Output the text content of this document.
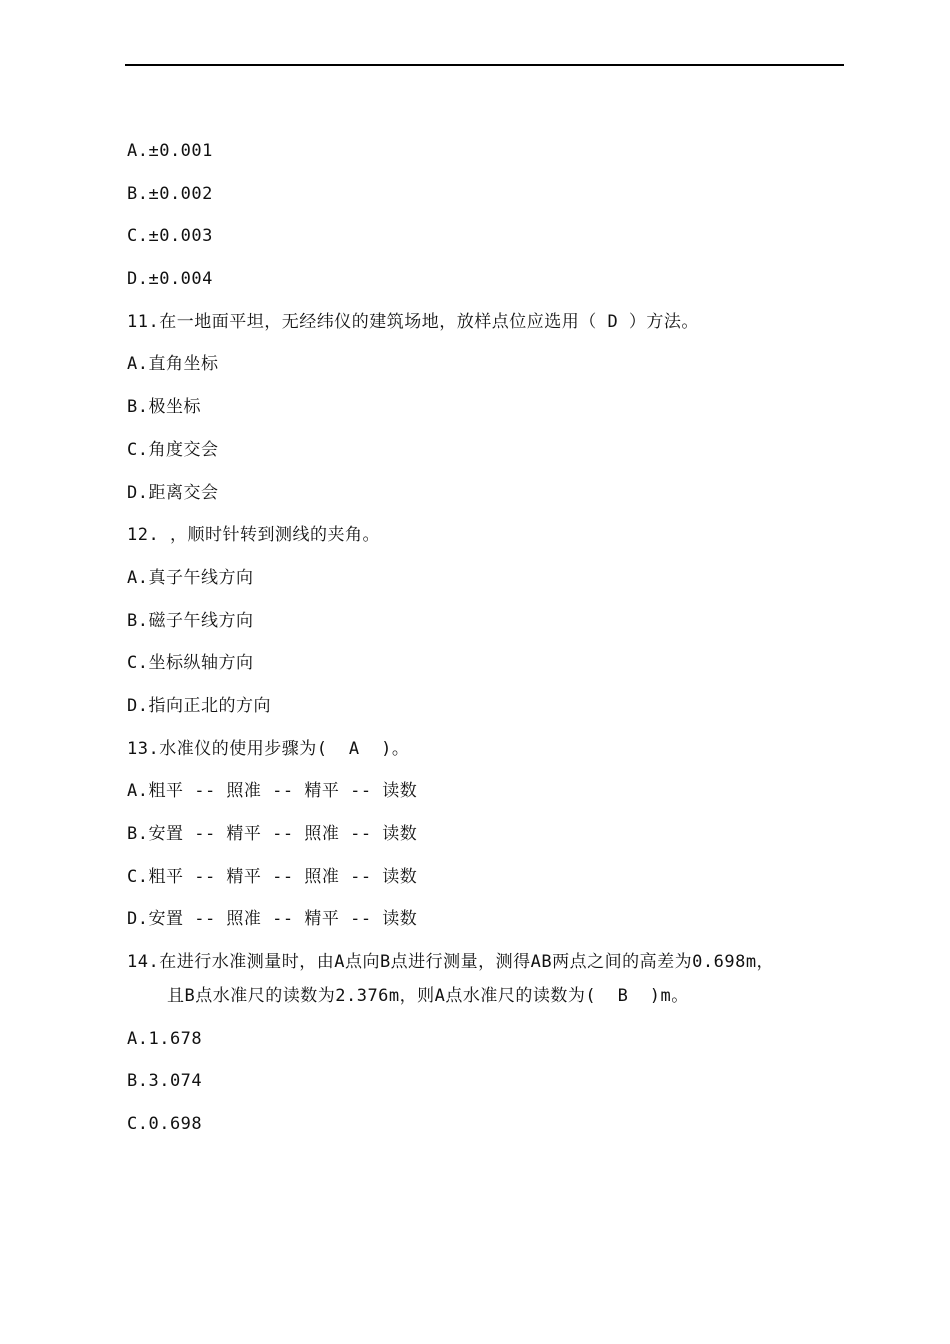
A.±0.001
B.±0.002
C.±0.003
D.±0.004
11.在一地面平坦，无经纬仪的建筑场地，放样点位应选用（ D ）方法。
A.直角坐标
B.极坐标
C.角度交会
D.距离交会
12. ，顺时针转到测线的夹角。
A.真子午线方向
B.磁子午线方向
C.坐标纵轴方向
D.指向正北的方向
13.水准仪的使用步骤为(  A  )。
A.粗平 -- 照准 -- 精平 -- 读数
B.安置 -- 精平 -- 照准 -- 读数
C.粗平 -- 精平 -- 照准 -- 读数
D.安置 -- 照准 -- 精平 -- 读数
14.在进行水准测量时，由A点向B点进行测量，测得AB两点之间的高差为0.698m，
且B点水准尺的读数为2.376m，则A点水准尺的读数为(  B  )m。
A.1.678
B.3.074
C.0.698
